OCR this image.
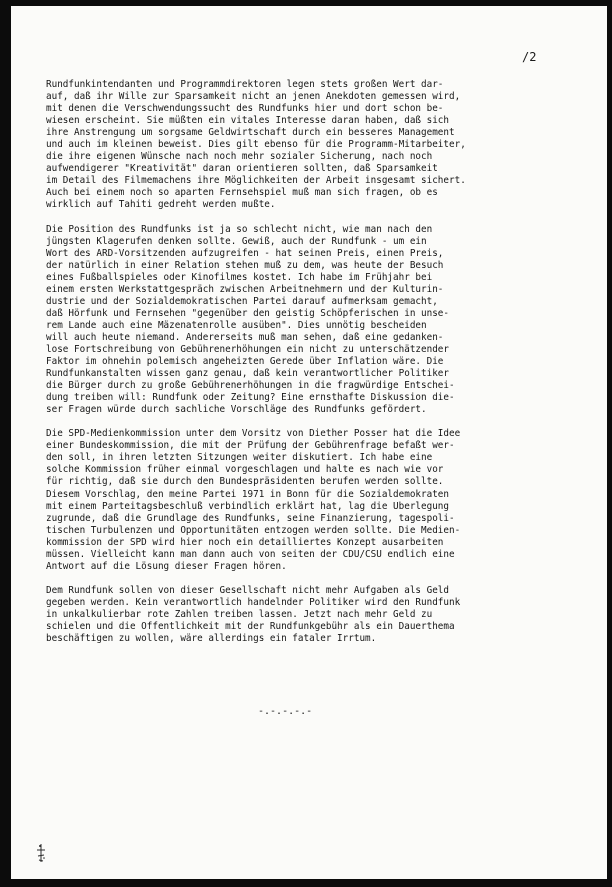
/2
Rundfunkintendanten und Programmdirektoren legen stets großen Wert dar-
auf, daß ihr Wille zur Sparsamkeit nicht an jenen Anekdoten gemessen wird,
mit denen die Verschwendungssucht des Rundfunks hier und dort schon be-
wiesen erscheint. Sie müßten ein vitales Interesse daran haben, daß sich
ihre Anstrengung um sorgsame Geldwirtschaft durch ein besseres Management
und auch im kleinen beweist. Dies gilt ebenso für die Programm-Mitarbeiter,
die ihre eigenen Wünsche nach noch mehr sozialer Sicherung, nach noch
aufwendigerer "Kreativität" daran orientieren sollten, daß Sparsamkeit
im Detail des Filmemachens ihre Möglichkeiten der Arbeit insgesamt sichert.
Auch bei einem noch so aparten Fernsehspiel muß man sich fragen, ob es
wirklich auf Tahiti gedreht werden mußte.
Die Position des Rundfunks ist ja so schlecht nicht, wie man nach den
jüngsten Klagerufen denken sollte. Gewiß, auch der Rundfunk - um ein
Wort des ARD-Vorsitzenden aufzugreifen - hat seinen Preis, einen Preis,
der natürlich in einer Relation stehen muß zu dem, was heute der Besuch
eines Fußballspieles oder Kinofilmes kostet. Ich habe im Frühjahr bei
einem ersten Werkstattgespräch zwischen Arbeitnehmern und der Kulturin-
dustrie und der Sozialdemokratischen Partei darauf aufmerksam gemacht,
daß Hörfunk und Fernsehen "gegenüber den geistig Schöpferischen in unse-
rem Lande auch eine Mäzenatenrolle ausüben". Dies unnötig bescheiden
will auch heute niemand. Andererseits muß man sehen, daß eine gedanken-
lose Fortschreibung von Gebührenerhöhungen ein nicht zu unterschätzender
Faktor im ohnehin polemisch angeheizten Gerede über Inflation wäre. Die
Rundfunkanstalten wissen ganz genau, daß kein verantwortlicher Politiker
die Bürger durch zu große Gebührenerhöhungen in die fragwürdige Entschei-
dung treiben will: Rundfunk oder Zeitung? Eine ernsthafte Diskussion die-
ser Fragen würde durch sachliche Vorschläge des Rundfunks gefördert.
Die SPD-Medienkommission unter dem Vorsitz von Diether Posser hat die Idee
einer Bundeskommission, die mit der Prüfung der Gebührenfrage befaßt wer-
den soll, in ihren letzten Sitzungen weiter diskutiert. Ich habe eine
solche Kommission früher einmal vorgeschlagen und halte es nach wie vor
für richtig, daß sie durch den Bundespräsidenten berufen werden sollte.
Diesem Vorschlag, den meine Partei 1971 in Bonn für die Sozialdemokraten
mit einem Parteitagsbeschluß verbindlich erklärt hat, lag die Überlegung
zugrunde, daß die Grundlage des Rundfunks, seine Finanzierung, tagespoli-
tischen Turbulenzen und Opportunitäten entzogen werden sollte. Die Medien-
kommission der SPD wird hier noch ein detailliertes Konzept ausarbeiten
müssen. Vielleicht kann man dann auch von seiten der CDU/CSU endlich eine
Antwort auf die Lösung dieser Fragen hören.
Dem Rundfunk sollen von dieser Gesellschaft nicht mehr Aufgaben als Geld
gegeben werden. Kein verantwortlich handelnder Politiker wird den Rundfunk
in unkalkulierbar rote Zahlen treiben lassen. Jetzt nach mehr Geld zu
schielen und die Öffentlichkeit mit der Rundfunkgebühr als ein Dauerthema
beschäftigen zu wollen, wäre allerdings ein fataler Irrtum.
-.-.-.-.-
